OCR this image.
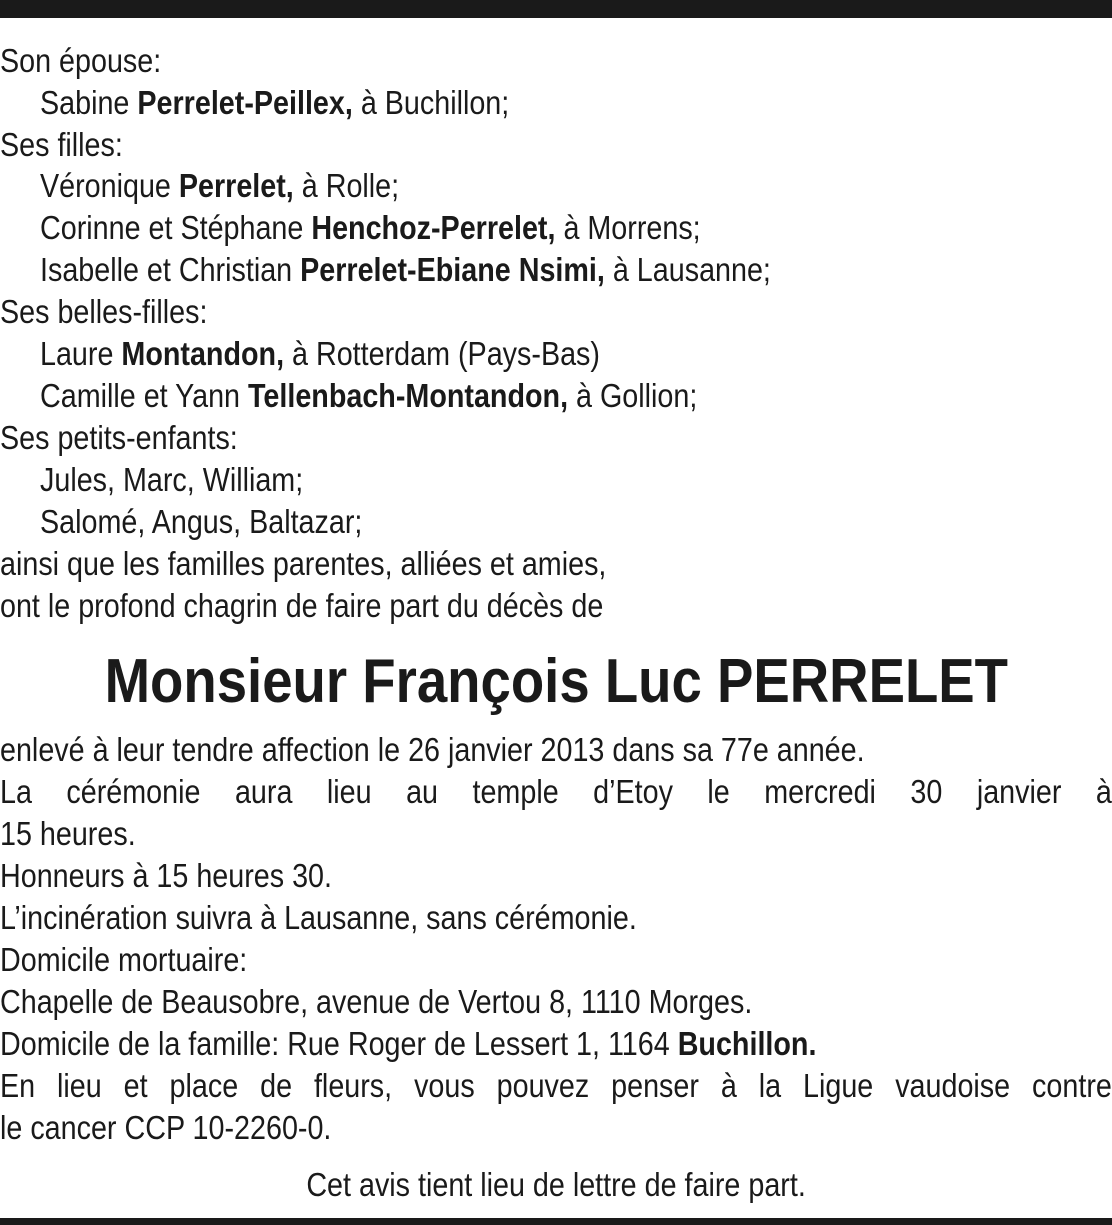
Son épouse:
Sabine Perrelet-Peillex, à Buchillon;
Ses filles:
Véronique Perrelet, à Rolle;
Corinne et Stéphane Henchoz-Perrelet, à Morrens;
Isabelle et Christian Perrelet-Ebiane Nsimi, à Lausanne;
Ses belles-filles:
Laure Montandon, à Rotterdam (Pays-Bas)
Camille et Yann Tellenbach-Montandon, à Gollion;
Ses petits-enfants:
Jules, Marc, William;
Salomé, Angus, Baltazar;
ainsi que les familles parentes, alliées et amies,
ont le profond chagrin de faire part du décès de
Monsieur François Luc PERRELET
enlevé à leur tendre affection le 26 janvier 2013 dans sa 77e année.
La cérémonie aura lieu au temple d’Etoy le mercredi 30 janvier à
15 heures.
Honneurs à 15 heures 30.
L’incinération suivra à Lausanne, sans cérémonie.
Domicile mortuaire:
Chapelle de Beausobre, avenue de Vertou 8, 1110 Morges.
Domicile de la famille: Rue Roger de Lessert 1, 1164 Buchillon.
En lieu et place de fleurs, vous pouvez penser à la Ligue vaudoise contre
le cancer CCP 10-2260-0.
Cet avis tient lieu de lettre de faire part.
